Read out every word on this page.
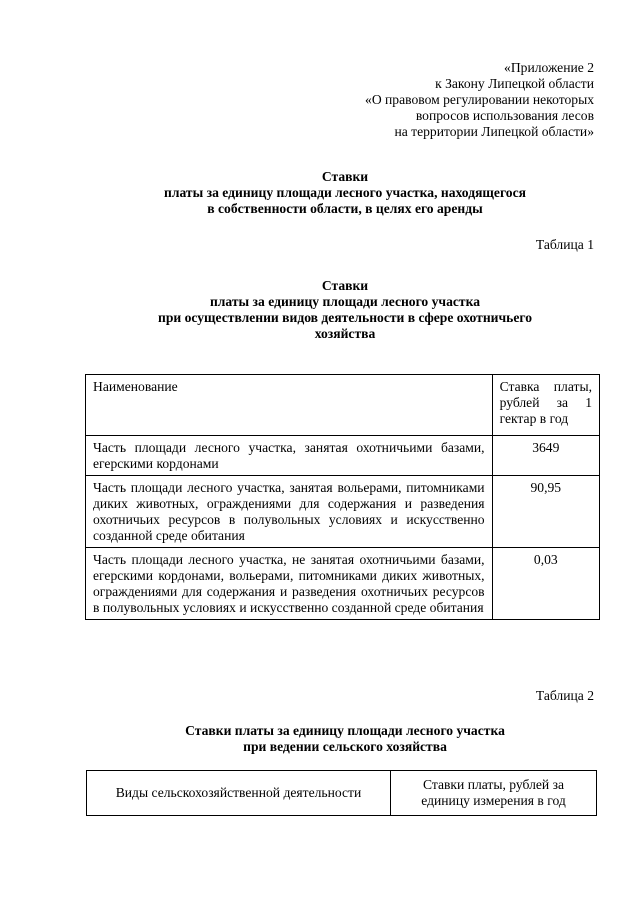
«Приложение 2
к Закону Липецкой области
«О правовом регулировании некоторых
вопросов использования лесов
на территории Липецкой области»
Ставки
платы за единицу площади лесного участка, находящегося
в собственности области, в целях его аренды
Таблица 1
Ставки
платы за единицу площади лесного участка
при осуществлении видов деятельности в сфере охотничьего
хозяйства
Наименование	Ставка платы, рублей за 1 гектар в год
Часть площади лесного участка, занятая охотничьими базами, егерскими кордонами	3649
Часть площади лесного участка, занятая вольерами, питомниками диких животных, ограждениями для содержания и разведения охотничьих ресурсов в полувольных условиях и искусственно созданной среде обитания	90,95
Часть площади лесного участка, не занятая охотничьими базами, егерскими кордонами, вольерами, питомниками диких животных, ограждениями для содержания и разведения охотничьих ресурсов в полувольных условиях и искусственно созданной среде обитания	0,03
Таблица 2
Ставки платы за единицу площади лесного участка
при ведении сельского хозяйства
Виды сельскохозяйственной деятельности	Ставки платы, рублей за единицу измерения в год
